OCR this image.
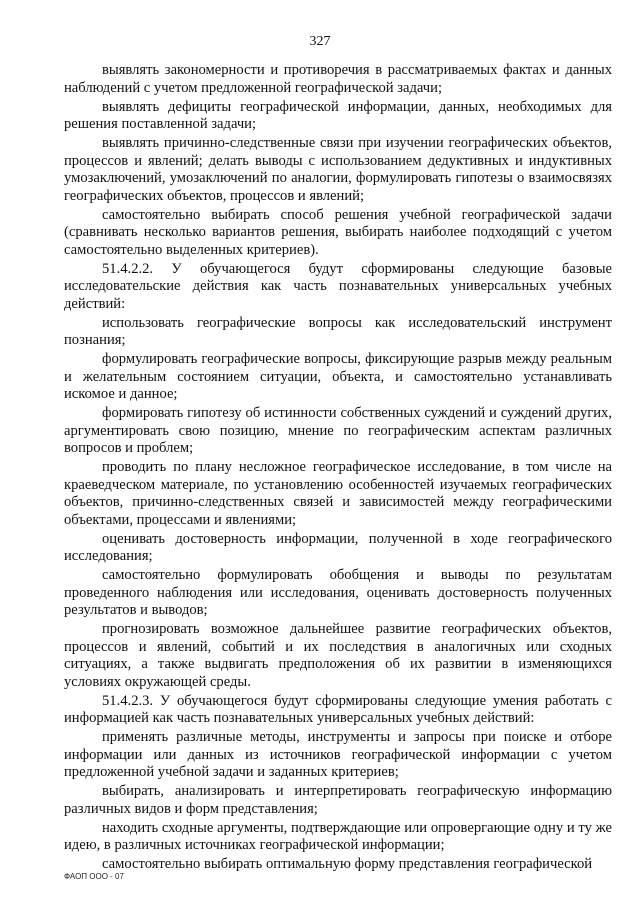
327

выявлять закономерности и противоречия в рассматриваемых фактах и данных наблюдений с учетом предложенной географической задачи;

выявлять дефициты географической информации, данных, необходимых для решения поставленной задачи;

выявлять причинно-следственные связи при изучении географических объектов, процессов и явлений; делать выводы с использованием дедуктивных и индуктивных умозаключений, умозаключений по аналогии, формулировать гипотезы о взаимосвязях географических объектов, процессов и явлений;

самостоятельно выбирать способ решения учебной географической задачи (сравнивать несколько вариантов решения, выбирать наиболее подходящий с учетом самостоятельно выделенных критериев).

51.4.2.2. У обучающегося будут сформированы следующие базовые исследовательские действия как часть познавательных универсальных учебных действий:

использовать географические вопросы как исследовательский инструмент познания;

формулировать географические вопросы, фиксирующие разрыв между реальным и желательным состоянием ситуации, объекта, и самостоятельно устанавливать искомое и данное;

формировать гипотезу об истинности собственных суждений и суждений других, аргументировать свою позицию, мнение по географическим аспектам различных вопросов и проблем;

проводить по плану несложное географическое исследование, в том числе на краеведческом материале, по установлению особенностей изучаемых географических объектов, причинно-следственных связей и зависимостей между географическими объектами, процессами и явлениями;

оценивать достоверность информации, полученной в ходе географического исследования;

самостоятельно формулировать обобщения и выводы по результатам проведенного наблюдения или исследования, оценивать достоверность полученных результатов и выводов;

прогнозировать возможное дальнейшее развитие географических объектов, процессов и явлений, событий и их последствия в аналогичных или сходных ситуациях, а также выдвигать предположения об их развитии в изменяющихся условиях окружающей среды.

51.4.2.3. У обучающегося будут сформированы следующие умения работать с информацией как часть познавательных универсальных учебных действий:

применять различные методы, инструменты и запросы при поиске и отборе информации или данных из источников географической информации с учетом предложенной учебной задачи и заданных критериев;

выбирать, анализировать и интерпретировать географическую информацию различных видов и форм представления;

находить сходные аргументы, подтверждающие или опровергающие одну и ту же идею, в различных источниках географической информации;

самостоятельно выбирать оптимальную форму представления географической

ФАОП ООО - 07
